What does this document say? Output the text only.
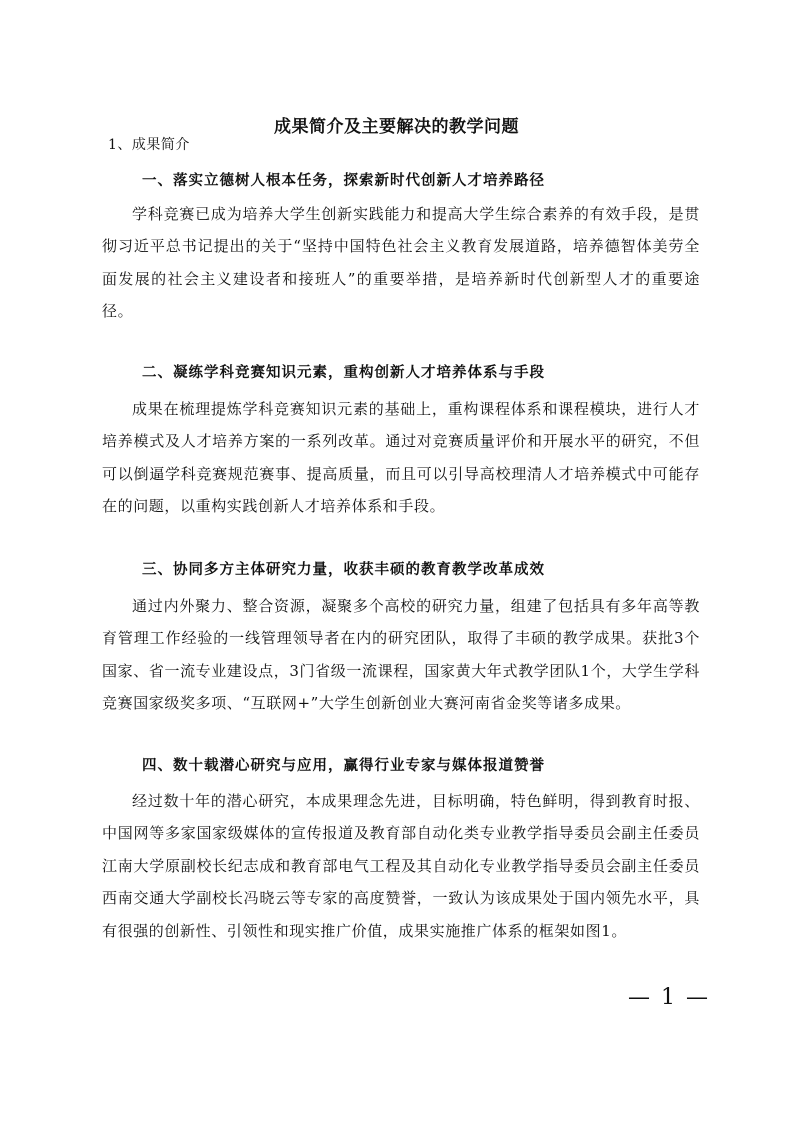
成果简介及主要解决的教学问题
1、成果简介
一、落实立德树人根本任务，探索新时代创新人才培养路径
学科竞赛已成为培养大学生创新实践能力和提高大学生综合素养的有效手段，是贯彻习近平总书记提出的关于“坚持中国特色社会主义教育发展道路，培养德智体美劳全面发展的社会主义建设者和接班人”的重要举措，是培养新时代创新型人才的重要途径。
二、凝练学科竞赛知识元素，重构创新人才培养体系与手段
成果在梳理提炼学科竞赛知识元素的基础上，重构课程体系和课程模块，进行人才培养模式及人才培养方案的一系列改革。通过对竞赛质量评价和开展水平的研究，不但可以倒逼学科竞赛规范赛事、提高质量，而且可以引导高校理清人才培养模式中可能存在的问题，以重构实践创新人才培养体系和手段。
三、协同多方主体研究力量，收获丰硕的教育教学改革成效
通过内外聚力、整合资源，凝聚多个高校的研究力量，组建了包括具有多年高等教育管理工作经验的一线管理领导者在内的研究团队，取得了丰硕的教学成果。获批3个国家、省一流专业建设点，3门省级一流课程，国家黄大年式教学团队1个，大学生学科竞赛国家级奖多项、“互联网+”大学生创新创业大赛河南省金奖等诸多成果。
四、数十载潜心研究与应用，赢得行业专家与媒体报道赞誉
经过数十年的潜心研究，本成果理念先进，目标明确，特色鲜明，得到教育时报、中国网等多家国家级媒体的宣传报道及教育部自动化类专业教学指导委员会副主任委员江南大学原副校长纪志成和教育部电气工程及其自动化专业教学指导委员会副主任委员西南交通大学副校长冯晓云等专家的高度赞誉，一致认为该成果处于国内领先水平，具有很强的创新性、引领性和现实推广价值，成果实施推广体系的框架如图1。
— 1 —
